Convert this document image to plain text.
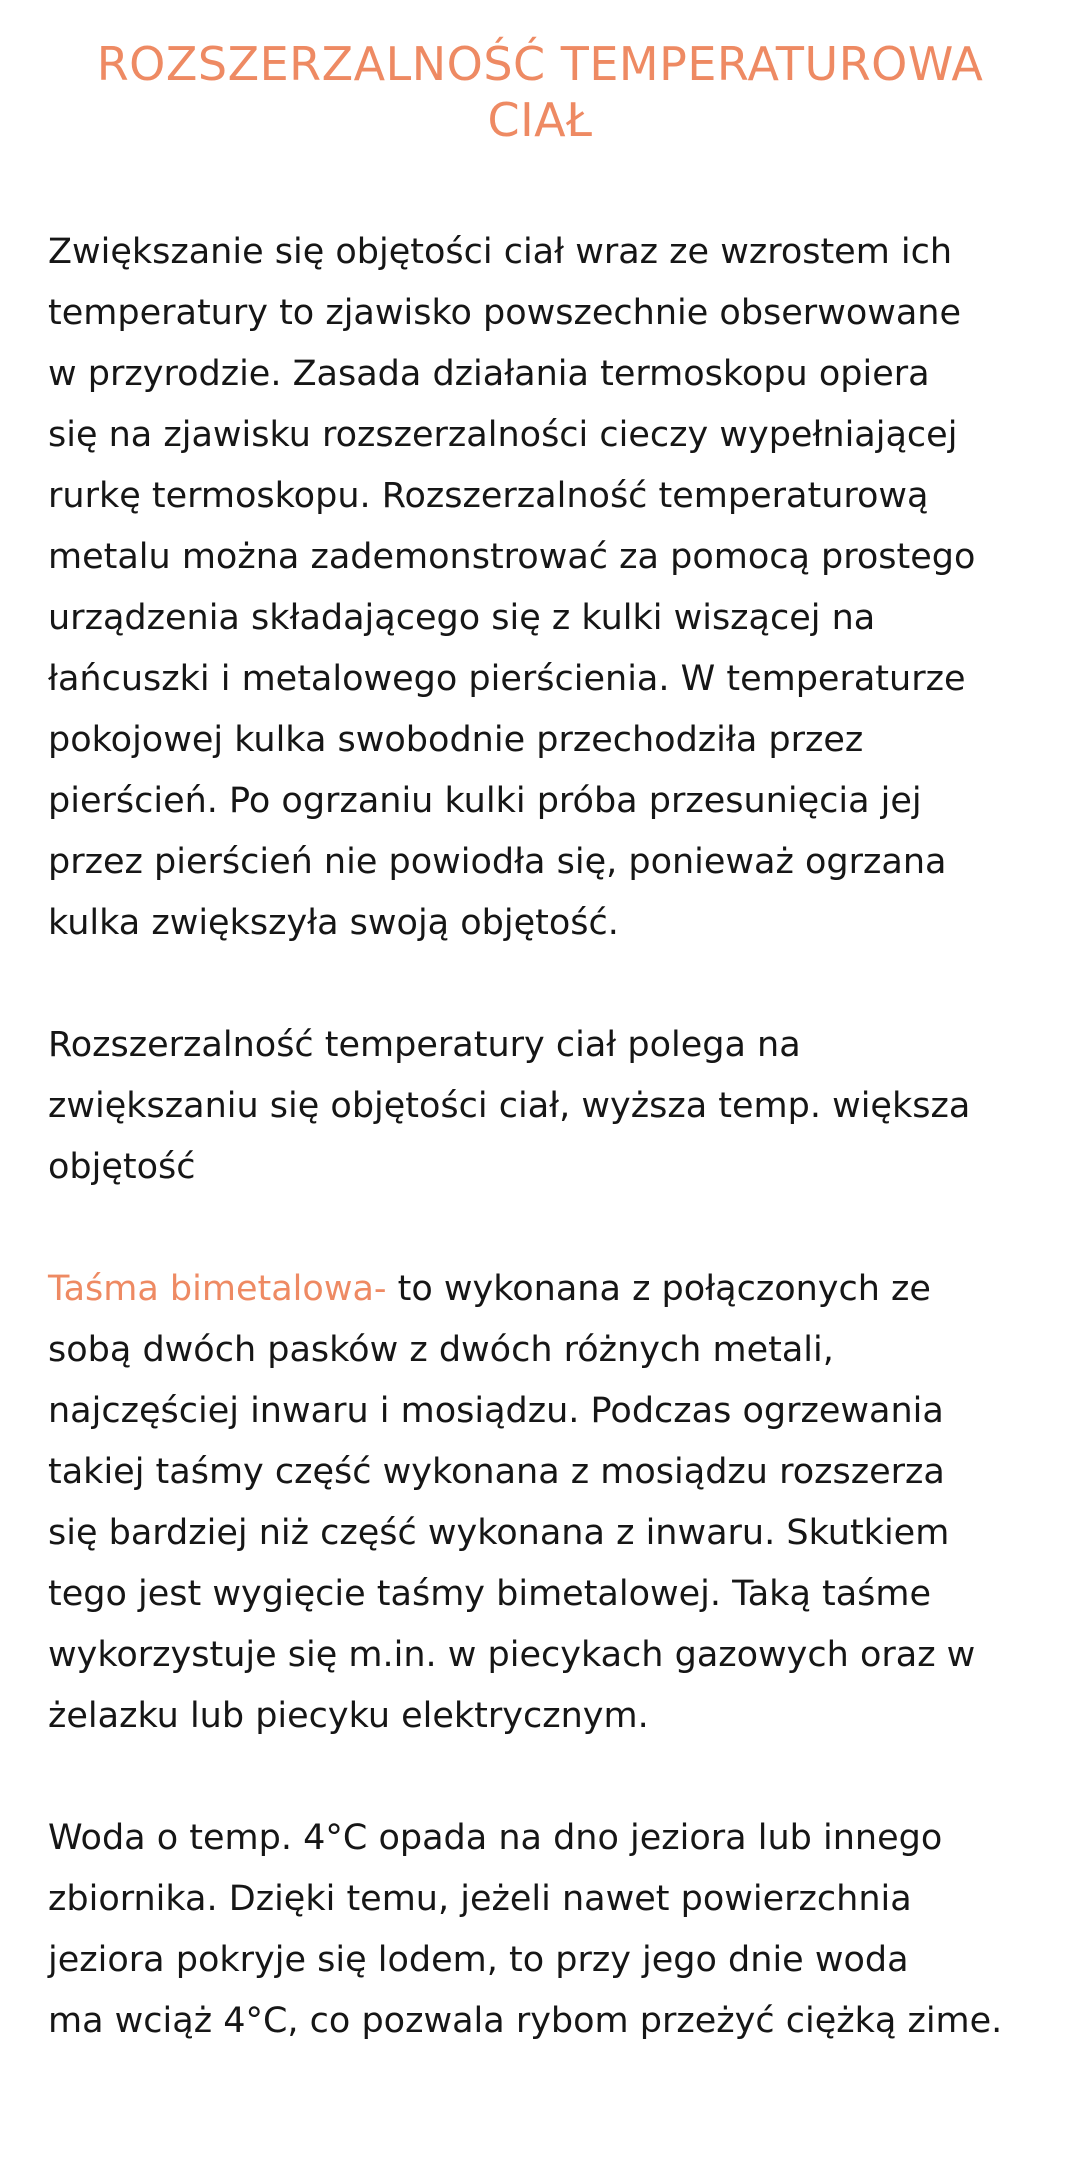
ROZSZERZALNOŚĆ TEMPERATUROWA CIAŁ

Zwiększanie się objętości ciał wraz ze wzrostem ich
temperatury to zjawisko powszechnie obserwowane
w przyrodzie. Zasada działania termoskopu opiera
się na zjawisku rozszerzalności cieczy wypełniającej
rurkę termoskopu. Rozszerzalność temperaturową
metalu można zademonstrować za pomocą prostego
urządzenia składającego się z kulki wiszącej na
łańcuszki i metalowego pierścienia. W temperaturze
pokojowej kulka swobodnie przechodziła przez
pierścień. Po ogrzaniu kulki próba przesunięcia jej
przez pierścień nie powiodła się, ponieważ ogrzana
kulka zwiększyła swoją objętość.

Rozszerzalność temperatury ciał polega na
zwiększaniu się objętości ciał, wyższa temp. większa
objętość

Taśma bimetalowa- to wykonana z połączonych ze
sobą dwóch pasków z dwóch różnych metali,
najczęściej inwaru i mosiądzu. Podczas ogrzewania
takiej taśmy część wykonana z mosiądzu rozszerza
się bardziej niż część wykonana z inwaru. Skutkiem
tego jest wygięcie taśmy bimetalowej. Taką taśme
wykorzystuje się m.in. w piecykach gazowych oraz w
żelazku lub piecyku elektrycznym.

Woda o temp. 4°C opada na dno jeziora lub innego
zbiornika. Dzięki temu, jeżeli nawet powierzchnia
jeziora pokryje się lodem, to przy jego dnie woda
ma wciąż 4°C, co pozwala rybom przeżyć ciężką zime.
